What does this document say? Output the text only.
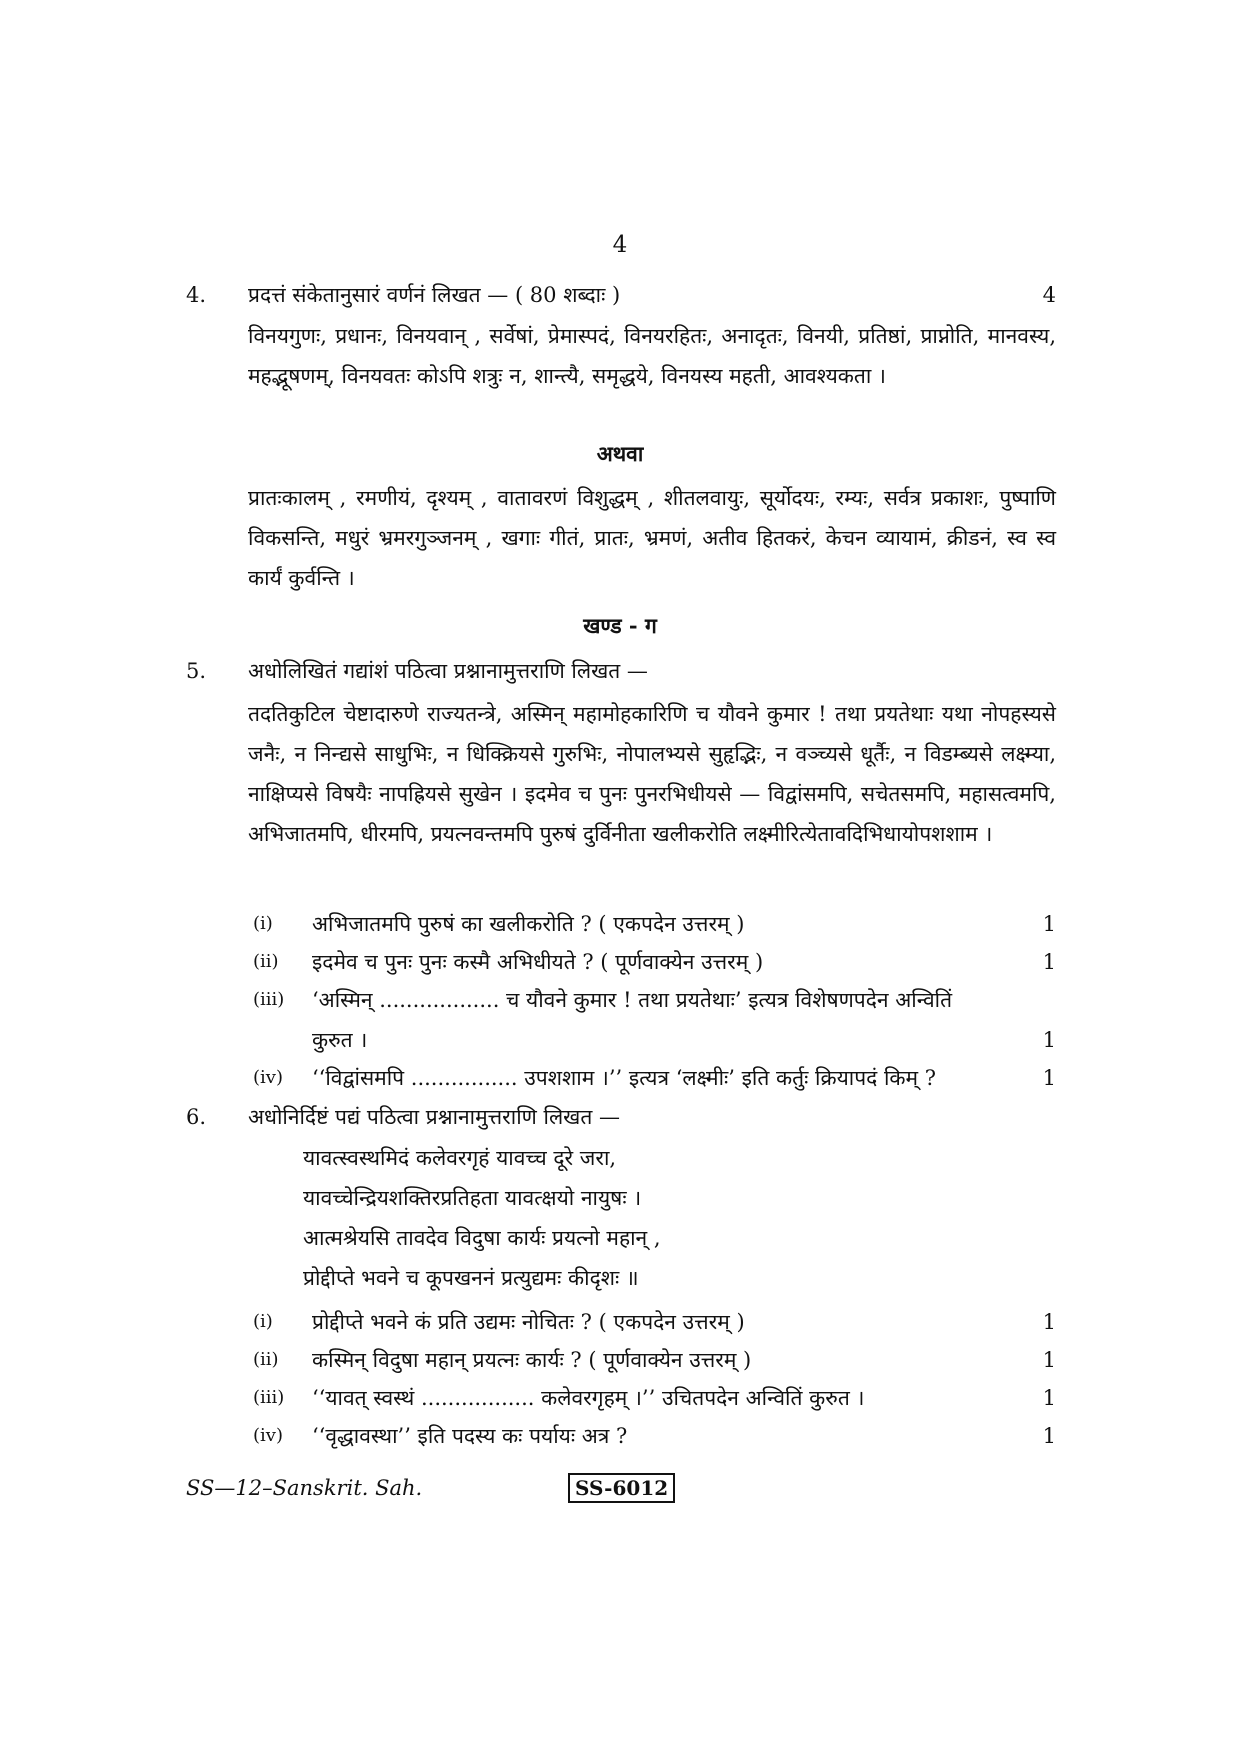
4
4. प्रदत्तं संकेतानुसारं वर्णनं लिखत — ( 80 शब्दाः )	4
विनयगुणः, प्रधानः, विनयवान् , सर्वेषां, प्रेमास्पदं, विनयरहितः, अनादृतः, विनयी, प्रतिष्ठां, प्राप्नोति, मानवस्य, महद्भूषणम्, विनयवतः कोऽपि शत्रुः न, शान्त्यै, समृद्धये, विनयस्य महती, आवश्यकता ।
अथवा
प्रातःकालम् , रमणीयं, दृश्यम् , वातावरणं विशुद्धम् , शीतलवायुः, सूर्योदयः, रम्यः, सर्वत्र प्रकाशः, पुष्पाणि विकसन्ति, मधुरं भ्रमरगुञ्जनम् , खगाः गीतं, प्रातः, भ्रमणं, अतीव हितकरं, केचन व्यायामं, क्रीडनं, स्व स्व कार्यं कुर्वन्ति ।
खण्ड - ग
5. अधोलिखितं गद्यांशं पठित्वा प्रश्नानामुत्तराणि लिखत —
तदतिकुटिल चेष्टादारुणे राज्यतन्त्रे, अस्मिन् महामोहकारिणि च यौवने कुमार ! तथा प्रयतेथाः यथा नोपहस्यसे जनैः, न निन्द्यसे साधुभिः, न धिक्क्रियसे गुरुभिः, नोपालभ्यसे सुहृद्भिः, न वञ्च्यसे धूर्तैः, न विडम्ब्यसे लक्ष्म्या, नाक्षिप्यसे विषयैः नापह्रियसे सुखेन । इदमेव च पुनः पुनरभिधीयसे — विद्वांसमपि, सचेतसमपि, महासत्वमपि, अभिजातमपि, धीरमपि, प्रयत्नवन्तमपि पुरुषं दुर्विनीता खलीकरोति लक्ष्मीरित्येतावदिभिधायोपशशाम ।
(i) अभिजातमपि पुरुषं का खलीकरोति ? ( एकपदेन उत्तरम् )	1
(ii) इदमेव च पुनः पुनः कस्मै अभिधीयते ? ( पूर्णवाक्येन उत्तरम् )	1
(iii) ‘अस्मिन् .................. च यौवने कुमार ! तथा प्रयतेथाः’ इत्यत्र विशेषणपदेन अन्वितिं
कुरुत ।	1
(iv) ‘‘विद्वांसमपि ................ उपशशाम ।’’ इत्यत्र ‘लक्ष्मीः’ इति कर्तुः क्रियापदं किम् ?	1
6. अधोनिर्दिष्टं पद्यं पठित्वा प्रश्नानामुत्तराणि लिखत —
यावत्स्वस्थमिदं कलेवरगृहं यावच्च दूरे जरा,
यावच्चेन्द्रियशक्तिरप्रतिहता यावत्क्षयो नायुषः ।
आत्मश्रेयसि तावदेव विदुषा कार्यः प्रयत्नो महान् ,
प्रोद्दीप्ते भवने च कूपखननं प्रत्युद्यमः कीदृशः ॥
(i) प्रोद्दीप्ते भवने कं प्रति उद्यमः नोचितः ? ( एकपदेन उत्तरम् )	1
(ii) कस्मिन् विदुषा महान् प्रयत्नः कार्यः ? ( पूर्णवाक्येन उत्तरम् )	1
(iii) ‘‘यावत् स्वस्थं ................. कलेवरगृहम् ।’’ उचितपदेन अन्वितिं कुरुत ।	1
(iv) ‘‘वृद्धावस्था’’ इति पदस्य कः पर्यायः अत्र ?	1
SS—12–Sanskrit. Sah.	SS-6012
